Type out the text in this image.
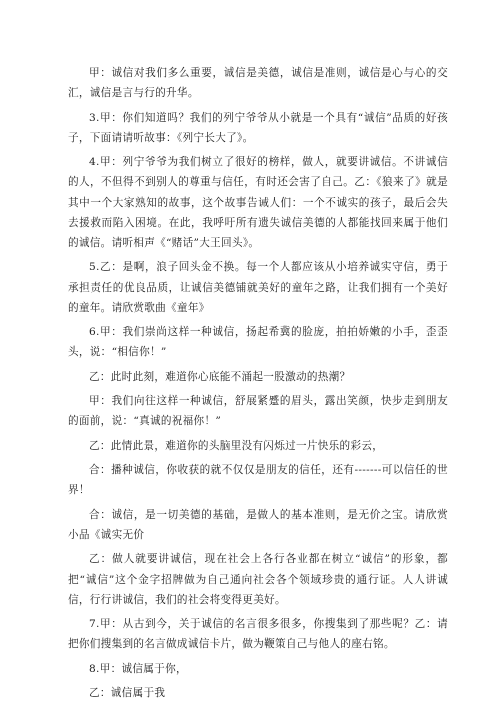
甲：诚信对我们多么重要，诚信是美德，诚信是准则，诚信是心与心的交汇，诚信是言与行的升华。

3.甲：你们知道吗？我们的列宁爷爷从小就是一个具有“诚信”品质的好孩子，下面请请听故事：《列宁长大了》。

4.甲：列宁爷爷为我们树立了很好的榜样，做人，就要讲诚信。不讲诚信的人，不但得不到别人的尊重与信任，有时还会害了自己。乙：《狼来了》就是其中一个大家熟知的故事，这个故事告诫人们：一个不诚实的孩子，最后会失去援救而陷入困境。在此，我呼吁所有遗失诚信美德的人都能找回来属于他们的诚信。请听相声《“赌话”大王回头》。

5.乙：是啊，浪子回头金不换。每一个人都应该从小培养诚实守信，勇于承担责任的优良品质，让诚信美德铺就美好的童年之路，让我们拥有一个美好的童年。请欣赏歌曲《童年》

6.甲：我们崇尚这样一种诚信，扬起希冀的脸庞，拍拍娇嫩的小手，歪歪头，说：“相信你！”

乙：此时此刻，难道你心底能不涌起一股激动的热潮？

甲：我们向往这样一种诚信，舒展紧蹙的眉头，露出笑颜，快步走到朋友的面前，说：“真诚的祝福你！”

乙：此情此景，难道你的头脑里没有闪烁过一片快乐的彩云，

合：播种诚信，你收获的就不仅仅是朋友的信任，还有-------可以信任的世界！

合：诚信，是一切美德的基础，是做人的基本准则，是无价之宝。请欣赏小品《诚实无价

乙：做人就要讲诚信，现在社会上各行各业都在树立“诚信”的形象，都把“诚信”这个金字招牌做为自己通向社会各个领域珍贵的通行证。人人讲诚信，行行讲诚信，我们的社会将变得更美好。

7.甲：从古到今，关于诚信的名言很多很多，你搜集到了那些呢？乙：请把你们搜集到的名言做成诚信卡片，做为鞭策自己与他人的座右铭。

8.甲：诚信属于你，

乙：诚信属于我
